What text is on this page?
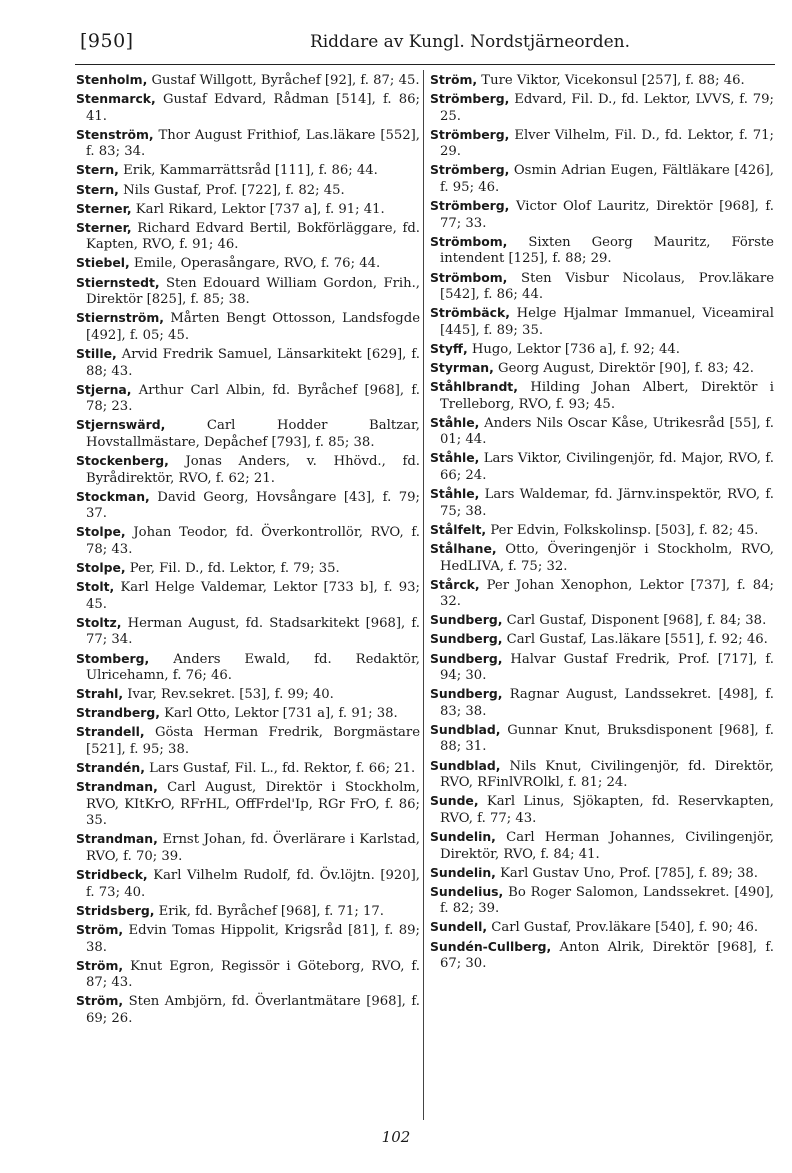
[950]	Riddare av Kungl. Nordstjärneorden.
Stenholm, Gustaf Willgott, Byråchef [92], f. 87; 45.
Stenmarck, Gustaf Edvard, Rådman [514], f. 86; 41.
Stenström, Thor August Frithiof, Las.läkare [552], f. 83; 34.
Stern, Erik, Kammarrättsråd [111], f. 86; 44.
Stern, Nils Gustaf, Prof. [722], f. 82; 45.
Sterner, Karl Rikard, Lektor [737 a], f. 91; 41.
Sterner, Richard Edvard Bertil, Bokförläggare, fd. Kapten, RVO, f. 91; 46.
Stiebel, Emile, Operasångare, RVO, f. 76; 44.
Stiernstedt, Sten Edouard William Gordon, Frih., Direktör [825], f. 85; 38.
Stiernström, Mårten Bengt Ottosson, Landsfogde [492], f. 05; 45.
Stille, Arvid Fredrik Samuel, Länsarkitekt [629], f. 88; 43.
Stjerna, Arthur Carl Albin, fd. Byråchef [968], f. 78; 23.
Stjernswärd, Carl Hodder Baltzar, Hovstallmästare, Depåchef [793], f. 85; 38.
Stockenberg, Jonas Anders, v. Hhövd., fd. Byrådirektör, RVO, f. 62; 21.
Stockman, David Georg, Hovsångare [43], f. 79; 37.
Stolpe, Johan Teodor, fd. Överkontrollör, RVO, f. 78; 43.
Stolpe, Per, Fil. D., fd. Lektor, f. 79; 35.
Stolt, Karl Helge Valdemar, Lektor [733 b], f. 93; 45.
Stoltz, Herman August, fd. Stadsarkitekt [968], f. 77; 34.
Stomberg, Anders Ewald, fd. Redaktör, Ulricehamn, f. 76; 46.
Strahl, Ivar, Rev.sekret. [53], f. 99; 40.
Strandberg, Karl Otto, Lektor [731 a], f. 91; 38.
Strandell, Gösta Herman Fredrik, Borgmästare [521], f. 95; 38.
Strandén, Lars Gustaf, Fil. L., fd. Rektor, f. 66; 21.
Strandman, Carl August, Direktör i Stockholm, RVO, KItKrO, RFrHL, OffFrdel'Ip, RGr FrO, f. 86; 35.
Strandman, Ernst Johan, fd. Överlärare i Karlstad, RVO, f. 70; 39.
Stridbeck, Karl Vilhelm Rudolf, fd. Öv.löjtn. [920], f. 73; 40.
Stridsberg, Erik, fd. Byråchef [968], f. 71; 17.
Ström, Edvin Tomas Hippolit, Krigsråd [81], f. 89; 38.
Ström, Knut Egron, Regissör i Göteborg, RVO, f. 87; 43.
Ström, Sten Ambjörn, fd. Överlantmätare [968], f. 69; 26.
Ström, Ture Viktor, Vicekonsul [257], f. 88; 46.
Strömberg, Edvard, Fil. D., fd. Lektor, LVVS, f. 79; 25.
Strömberg, Elver Vilhelm, Fil. D., fd. Lektor, f. 71; 29.
Strömberg, Osmin Adrian Eugen, Fältläkare [426], f. 95; 46.
Strömberg, Victor Olof Lauritz, Direktör [968], f. 77; 33.
Strömbom, Sixten Georg Mauritz, Förste intendent [125], f. 88; 29.
Strömbom, Sten Visbur Nicolaus, Prov.läkare [542], f. 86; 44.
Strömbäck, Helge Hjalmar Immanuel, Viceamiral [445], f. 89; 35.
Styff, Hugo, Lektor [736 a], f. 92; 44.
Styrman, Georg August, Direktör [90], f. 83; 42.
Ståhlbrandt, Hilding Johan Albert, Direktör i Trelleborg, RVO, f. 93; 45.
Ståhle, Anders Nils Oscar Kåse, Utrikesråd [55], f. 01; 44.
Ståhle, Lars Viktor, Civilingenjör, fd. Major, RVO, f. 66; 24.
Ståhle, Lars Waldemar, fd. Järnv.inspektör, RVO, f. 75; 38.
Stålfelt, Per Edvin, Folkskolinsp. [503], f. 82; 45.
Stålhane, Otto, Överingenjör i Stockholm, RVO, HedLIVA, f. 75; 32.
Stårck, Per Johan Xenophon, Lektor [737], f. 84; 32.
Sundberg, Carl Gustaf, Disponent [968], f. 84; 38.
Sundberg, Carl Gustaf, Las.läkare [551], f. 92; 46.
Sundberg, Halvar Gustaf Fredrik, Prof. [717], f. 94; 30.
Sundberg, Ragnar August, Landssekret. [498], f. 83; 38.
Sundblad, Gunnar Knut, Bruksdisponent [968], f. 88; 31.
Sundblad, Nils Knut, Civilingenjör, fd. Direktör, RVO, RFinlVROlkl, f. 81; 24.
Sunde, Karl Linus, Sjökapten, fd. Reservkapten, RVO, f. 77; 43.
Sundelin, Carl Herman Johannes, Civilingenjör, Direktör, RVO, f. 84; 41.
Sundelin, Karl Gustav Uno, Prof. [785], f. 89; 38.
Sundelius, Bo Roger Salomon, Landssekret. [490], f. 82; 39.
Sundell, Carl Gustaf, Prov.läkare [540], f. 90; 46.
Sundén-Cullberg, Anton Alrik, Direktör [968], f. 67; 30.
102
